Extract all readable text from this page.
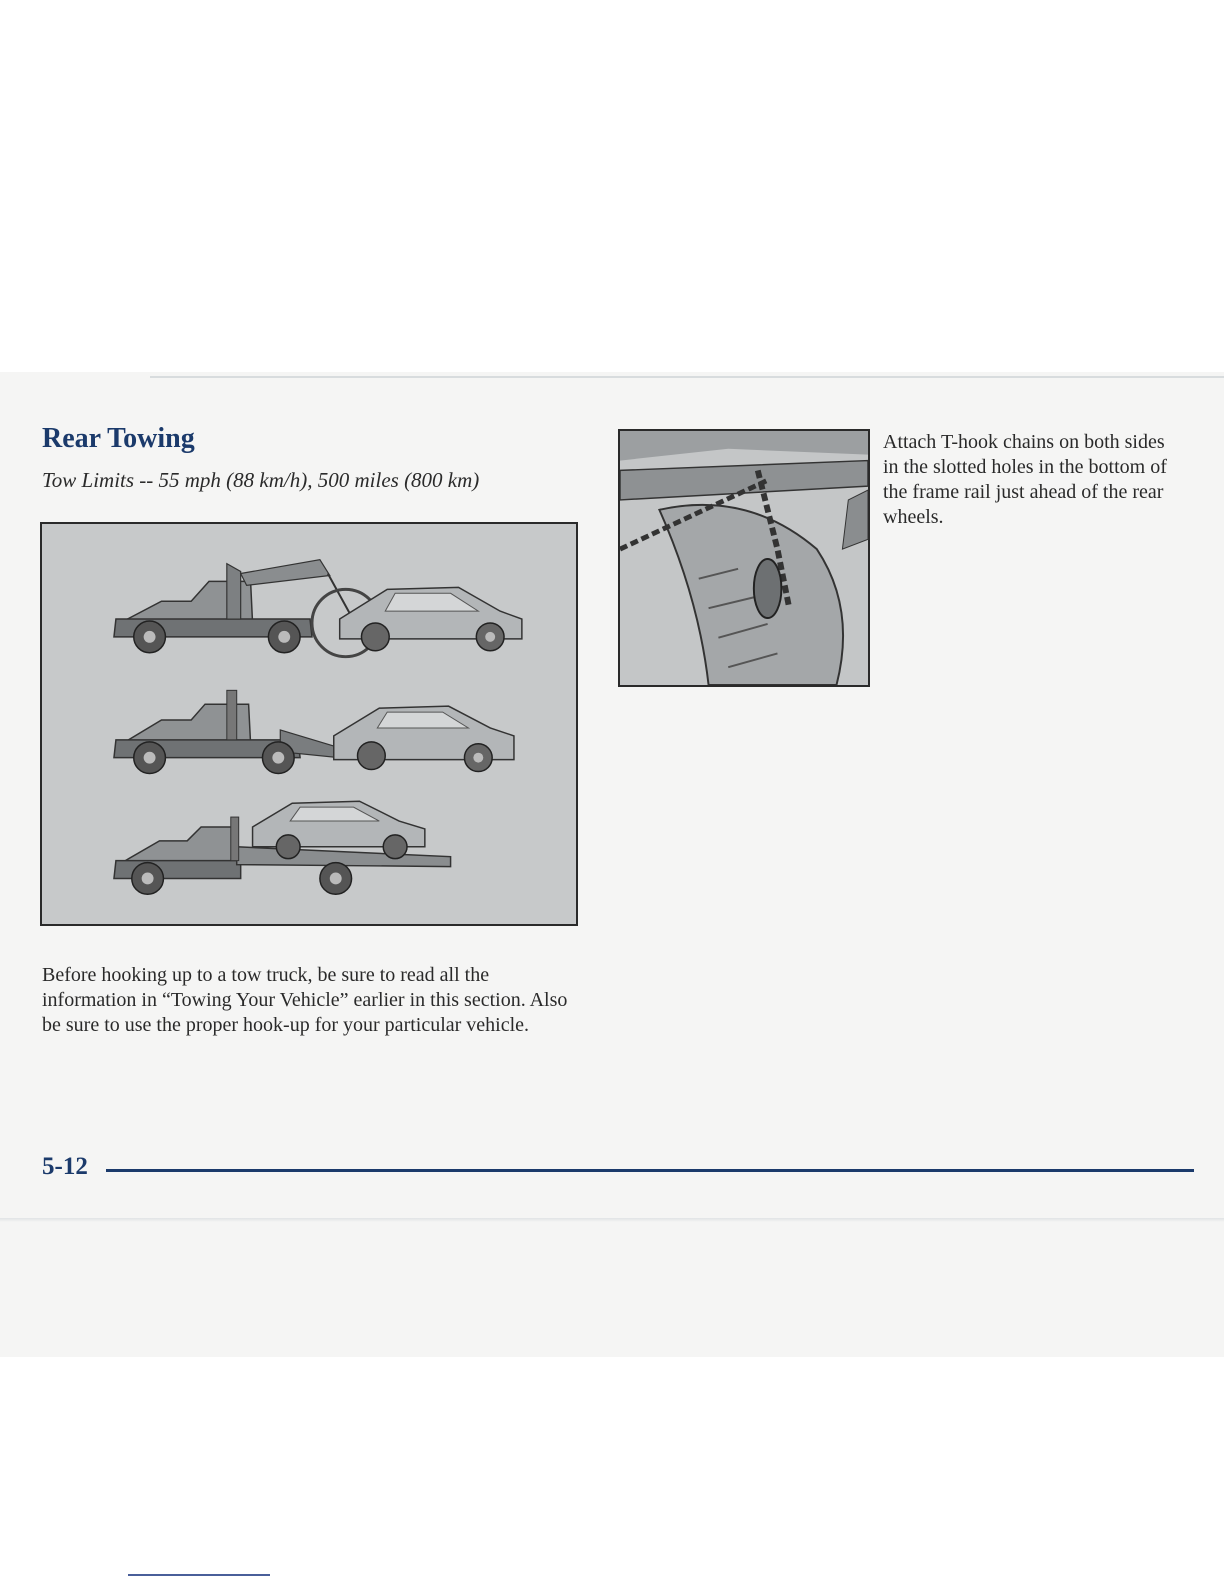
Rear Towing

Tow Limits -- 55 mph (88 km/h), 500 miles (800 km)

Attach T-hook chains on both sides in the slotted holes in the bottom of the frame rail just ahead of the rear wheels.

Before hooking up to a tow truck, be sure to read all the information in “Towing Your Vehicle” earlier in this section. Also be sure to use the proper hook-up for your particular vehicle.

5-12
